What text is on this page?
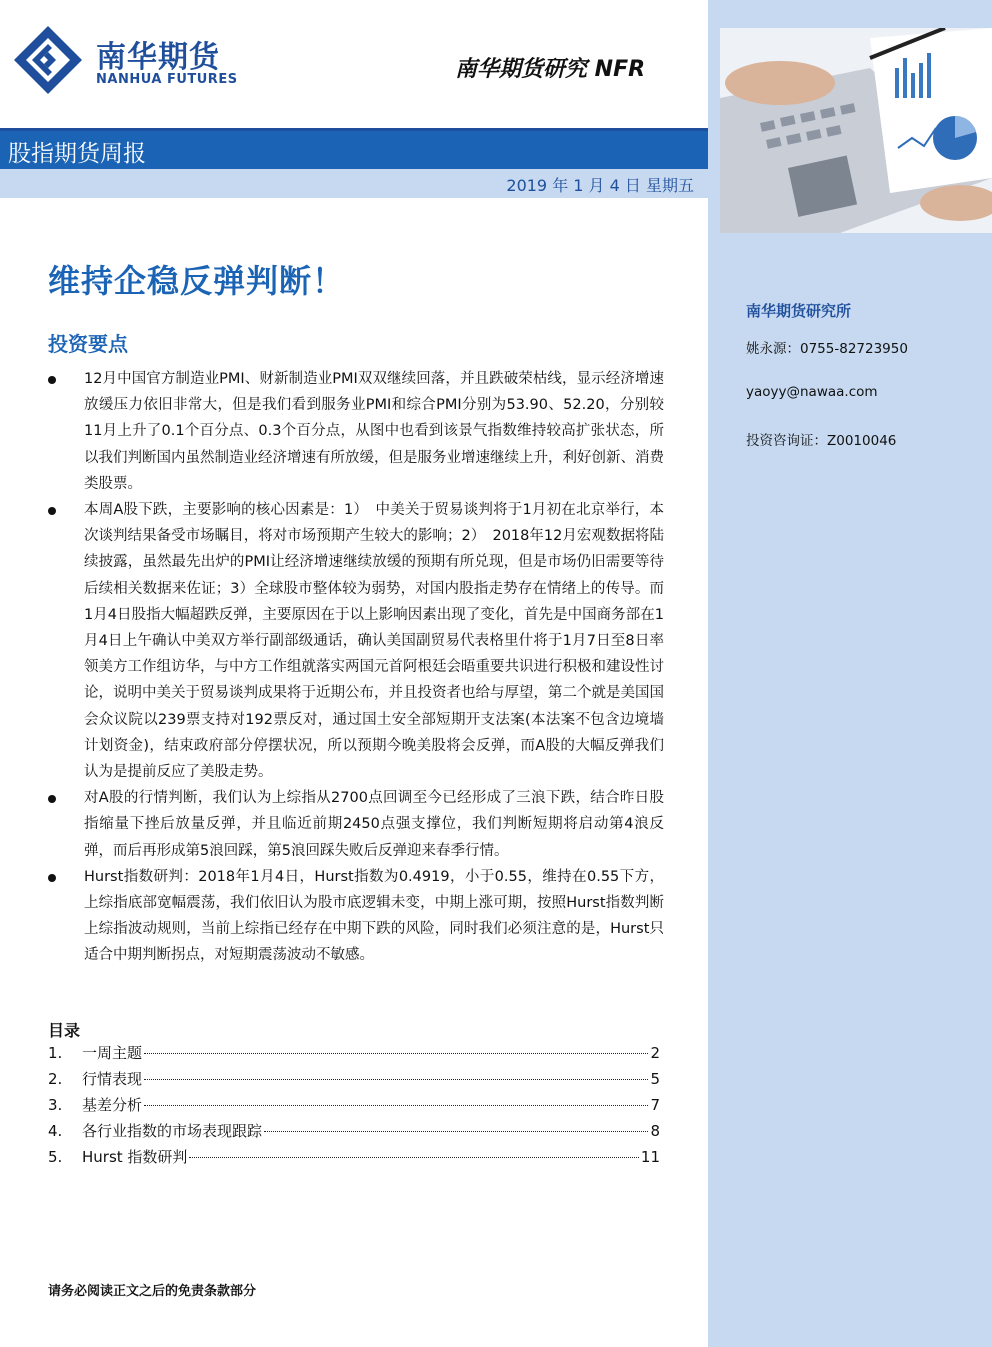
南华期货
NANHUA FUTURES	南华期货研究 NFR
股指期货周报
2019 年 1 月 4 日 星期五
维持企稳反弹判断！
投资要点
12月中国官方制造业PMI、财新制造业PMI双双继续回落，并且跌破荣枯线，显示经济增速放缓压力依旧非常大，但是我们看到服务业PMI和综合PMI分别为53.90、52.20，分别较11月上升了0.1个百分点、0.3个百分点，从图中也看到该景气指数维持较高扩张状态，所以我们判断国内虽然制造业经济增速有所放缓，但是服务业增速继续上升，利好创新、消费类股票。
本周A股下跌，主要影响的核心因素是：1）　中美关于贸易谈判将于1月初在北京举行，本次谈判结果备受市场瞩目，将对市场预期产生较大的影响；2）　2018年12月宏观数据将陆续披露，虽然最先出炉的PMI让经济增速继续放缓的预期有所兑现，但是市场仍旧需要等待后续相关数据来佐证；3）全球股市整体较为弱势，对国内股指走势存在情绪上的传导。而1月4日股指大幅超跌反弹，主要原因在于以上影响因素出现了变化，首先是中国商务部在1月4日上午确认中美双方举行副部级通话，确认美国副贸易代表格里什将于1月7日至8日率领美方工作组访华，与中方工作组就落实两国元首阿根廷会晤重要共识进行积极和建设性讨论，说明中美关于贸易谈判成果将于近期公布，并且投资者也给与厚望，第二个就是美国国会众议院以239票支持对192票反对，通过国土安全部短期开支法案(本法案不包含边境墙计划资金)，结束政府部分停摆状况，所以预期今晚美股将会反弹，而A股的大幅反弹我们认为是提前反应了美股走势。
对A股的行情判断，我们认为上综指从2700点回调至今已经形成了三浪下跌，结合昨日股指缩量下挫后放量反弹，并且临近前期2450点强支撑位，我们判断短期将启动第4浪反弹，而后再形成第5浪回踩，第5浪回踩失败后反弹迎来春季行情。
Hurst指数研判：2018年1月4日，Hurst指数为0.4919，小于0.55，维持在0.55下方，上综指底部宽幅震荡，我们依旧认为股市底逻辑未变，中期上涨可期，按照Hurst指数判断上综指波动规则，当前上综指已经存在中期下跌的风险，同时我们必须注意的是，Hurst只适合中期判断拐点，对短期震荡波动不敏感。
目录
1.	一周主题	2
2.	行情表现	5
3.	基差分析	7
4.	各行业指数的市场表现跟踪	8
5.	Hurst 指数研判	11
请务必阅读正文之后的免责条款部分
南华期货研究所
姚永源：0755-82723950
yaoyy@nawaa.com
投资咨询证：Z0010046
